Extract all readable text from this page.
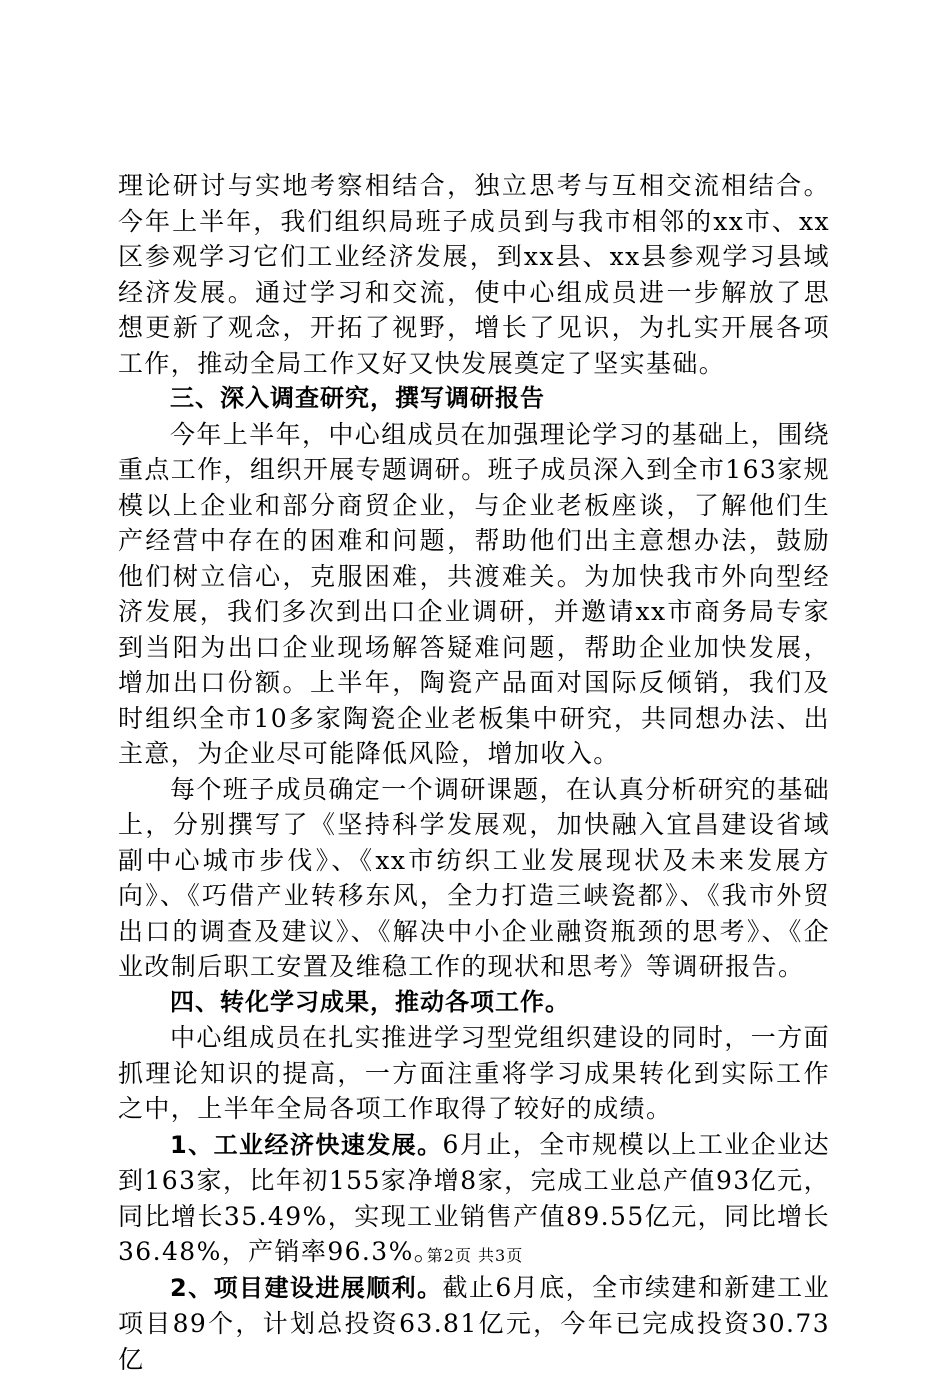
理论研讨与实地考察相结合，独立思考与互相交流相结合。今年上半年，我们组织局班子成员到与我市相邻的xx市、xx区参观学习它们工业经济发展，到xx县、xx县参观学习县域经济发展。通过学习和交流，使中心组成员进一步解放了思想更新了观念，开拓了视野，增长了见识，为扎实开展各项工作，推动全局工作又好又快发展奠定了坚实基础。

三、深入调查研究，撰写调研报告

今年上半年，中心组成员在加强理论学习的基础上，围绕重点工作，组织开展专题调研。班子成员深入到全市163家规模以上企业和部分商贸企业，与企业老板座谈，了解他们生产经营中存在的困难和问题，帮助他们出主意想办法，鼓励他们树立信心，克服困难，共渡难关。为加快我市外向型经济发展，我们多次到出口企业调研，并邀请xx市商务局专家到当阳为出口企业现场解答疑难问题，帮助企业加快发展，增加出口份额。上半年，陶瓷产品面对国际反倾销，我们及时组织全市10多家陶瓷企业老板集中研究，共同想办法、出主意，为企业尽可能降低风险，增加收入。

每个班子成员确定一个调研课题，在认真分析研究的基础上，分别撰写了《坚持科学发展观，加快融入宜昌建设省域副中心城市步伐》、《xx市纺织工业发展现状及未来发展方向》、《巧借产业转移东风，全力打造三峡瓷都》、《我市外贸出口的调查及建议》、《解决中小企业融资瓶颈的思考》、《企业改制后职工安置及维稳工作的现状和思考》等调研报告。

四、转化学习成果，推动各项工作。

中心组成员在扎实推进学习型党组织建设的同时，一方面抓理论知识的提高，一方面注重将学习成果转化到实际工作之中，上半年全局各项工作取得了较好的成绩。

1、工业经济快速发展。6月止，全市规模以上工业企业达到163家，比年初155家净增8家，完成工业总产值93亿元，同比增长35.49%，实现工业销售产值89.55亿元，同比增长36.48%，产销率96.3%。

2、项目建设进展顺利。截止6月底，全市续建和新建工业项目89个，计划总投资63.81亿元，今年已完成投资30.73亿

第2页 共3页
